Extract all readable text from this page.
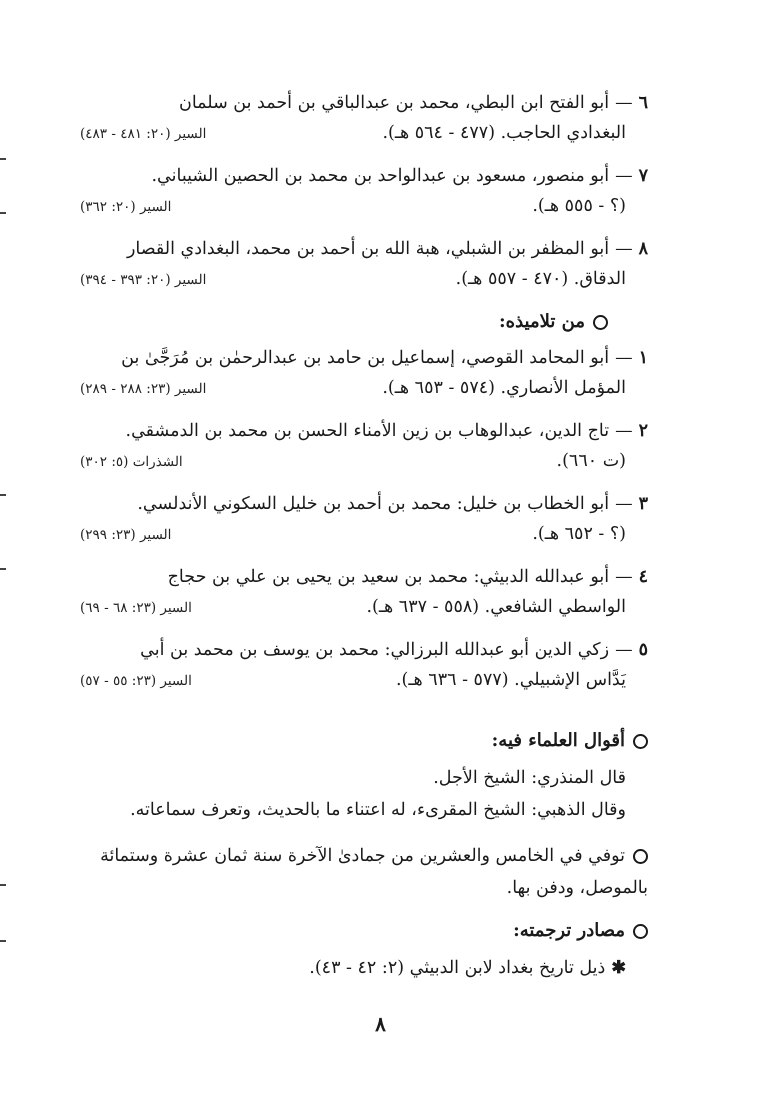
٦—أبو الفتح ابن البطي، محمد بن عبدالباقي بن أحمد بن سلمان
البغدادي الحاجب. (٤٧٧ - ٥٦٤ هـ).
السير (٢٠: ٤٨١ - ٤٨٣)
٧—أبو منصور، مسعود بن عبدالواحد بن محمد بن الحصين الشيباني.
(؟ - ٥٥٥ هـ).
السير (٢٠: ٣٦٢)
٨—أبو المظفر بن الشبلي، هبة الله بن أحمد بن محمد، البغدادي القصار
الدقاق. (٤٧٠ - ٥٥٧ هـ).
السير (٢٠: ٣٩٣ - ٣٩٤)
من تلاميذه:
١—أبو المحامد القوصي، إسماعيل بن حامد بن عبدالرحمٰن بن مُرَجَّىٰ بن
المؤمل الأنصاري. (٥٧٤ - ٦٥٣ هـ).
السير (٢٣: ٢٨٨ - ٢٨٩)
٢—تاج الدين، عبدالوهاب بن زين الأمناء الحسن بن محمد بن الدمشقي.
(ت ٦٦٠).
الشذرات (٥: ٣٠٢)
٣—أبو الخطاب بن خليل: محمد بن أحمد بن خليل السكوني الأندلسي.
(؟ - ٦٥٢ هـ).
السير (٢٣: ٢٩٩)
٤—أبو عبدالله الدبيثي: محمد بن سعيد بن يحيى بن علي بن حجاج
الواسطي الشافعي. (٥٥٨ - ٦٣٧ هـ).
السير (٢٣: ٦٨ - ٦٩)
٥—زكي الدين أبو عبدالله البرزالي: محمد بن يوسف بن محمد بن أبي
يَدَّاس الإشبيلي. (٥٧٧ - ٦٣٦ هـ).
السير (٢٣: ٥٥ - ٥٧)
أقوال العلماء فيه:
قال المنذري: الشيخ الأجل.
وقال الذهبي: الشيخ المقرىء، له اعتناء ما بالحديث، وتعرف سماعاته.
توفي في الخامس والعشرين من جمادىٰ الآخرة سنة ثمان عشرة وستمائة بالموصل، ودفن بها.
مصادر ترجمته:
✱ذيل تاريخ بغداد لابن الدبيثي (٢: ٤٢ - ٤٣).
٨
